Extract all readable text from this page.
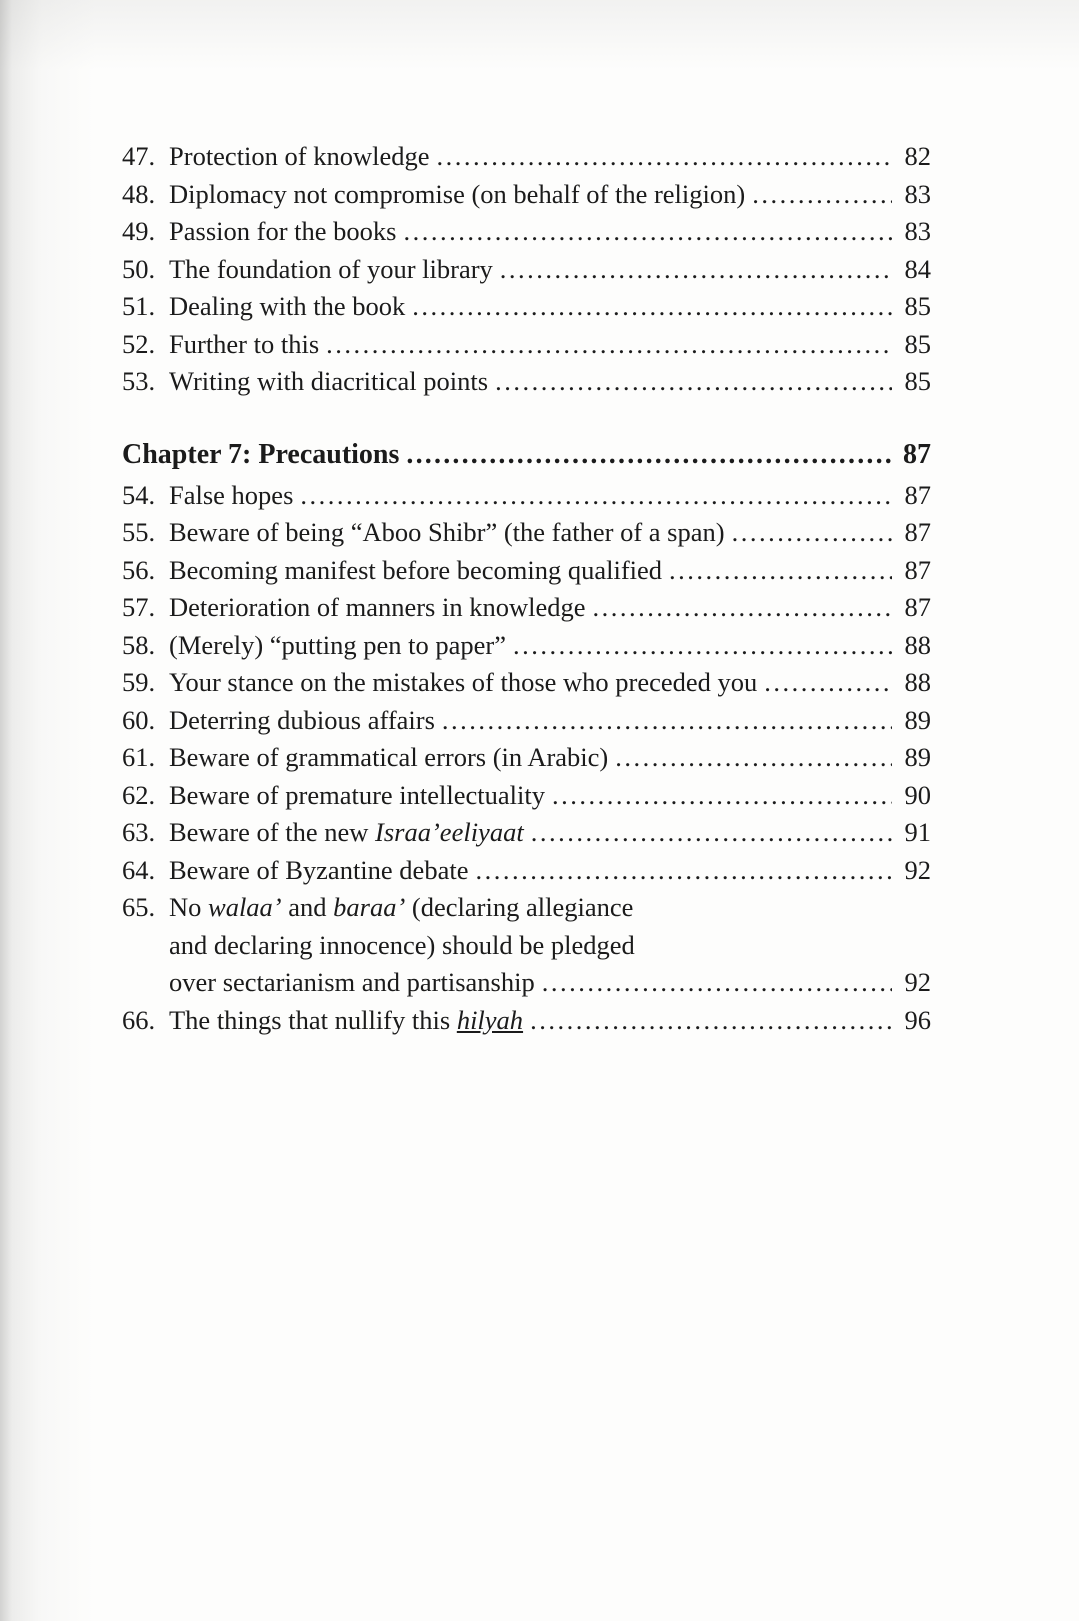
47. Protection of knowledge .....	82
48. Diplomacy not compromise (on behalf of the religion) .....	83
49. Passion for the books .....	83
50. The foundation of your library .....	84
51. Dealing with the book .....	85
52. Further to this .....	85
53. Writing with diacritical points .....	85
Chapter 7: Precautions .....	87
54. False hopes .....	87
55. Beware of being “Aboo Shibr” (the father of a span) .....	87
56. Becoming manifest before becoming qualified .....	87
57. Deterioration of manners in knowledge .....	87
58. (Merely) “putting pen to paper” .....	88
59. Your stance on the mistakes of those who preceded you .....	88
60. Deterring dubious affairs .....	89
61. Beware of grammatical errors (in Arabic) .....	89
62. Beware of premature intellectuality .....	90
63. Beware of the new Israa’eeliyaat .....	91
64. Beware of Byzantine debate .....	92
65. No walaa’ and baraa’ (declaring allegiance
and declaring innocence) should be pledged
over sectarianism and partisanship .....	92
66. The things that nullify this hilyah .....	96
